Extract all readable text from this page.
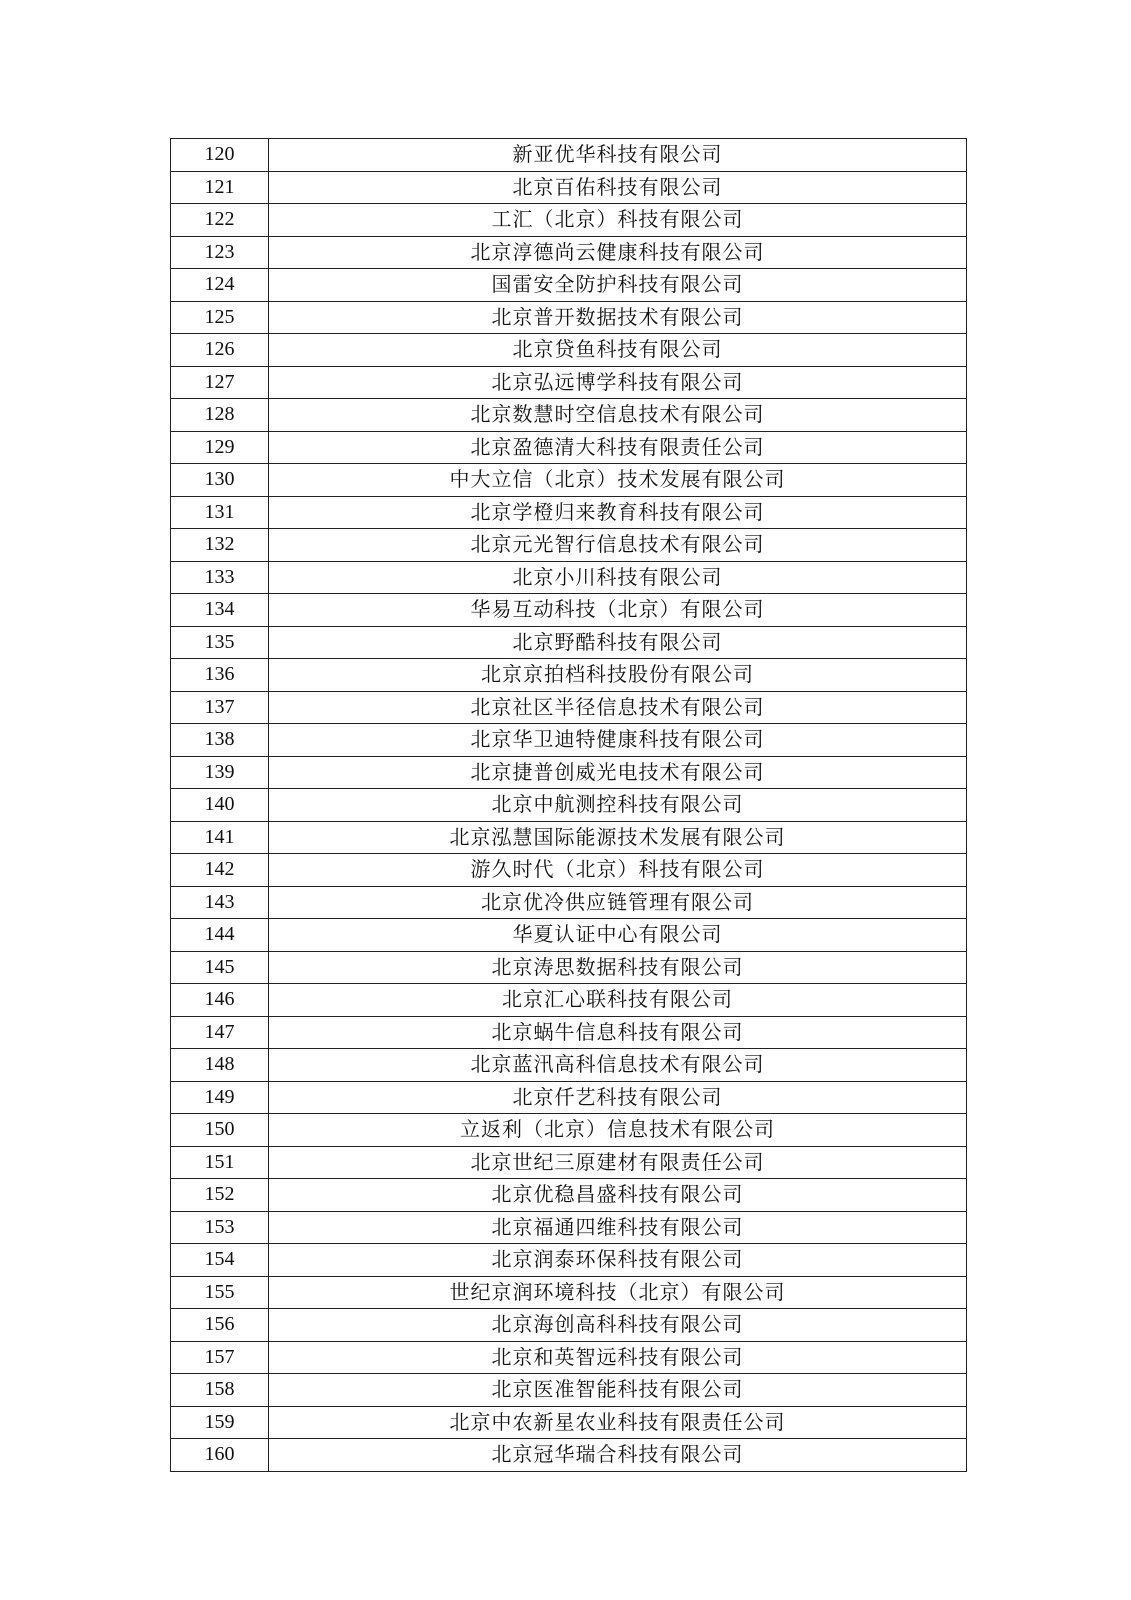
120	新亚优华科技有限公司
121	北京百佑科技有限公司
122	工汇（北京）科技有限公司
123	北京淳德尚云健康科技有限公司
124	国雷安全防护科技有限公司
125	北京普开数据技术有限公司
126	北京贷鱼科技有限公司
127	北京弘远博学科技有限公司
128	北京数慧时空信息技术有限公司
129	北京盈德清大科技有限责任公司
130	中大立信（北京）技术发展有限公司
131	北京学橙归来教育科技有限公司
132	北京元光智行信息技术有限公司
133	北京小川科技有限公司
134	华易互动科技（北京）有限公司
135	北京野酷科技有限公司
136	北京京拍档科技股份有限公司
137	北京社区半径信息技术有限公司
138	北京华卫迪特健康科技有限公司
139	北京捷普创威光电技术有限公司
140	北京中航测控科技有限公司
141	北京泓慧国际能源技术发展有限公司
142	游久时代（北京）科技有限公司
143	北京优冷供应链管理有限公司
144	华夏认证中心有限公司
145	北京涛思数据科技有限公司
146	北京汇心联科技有限公司
147	北京蜗牛信息科技有限公司
148	北京蓝汛高科信息技术有限公司
149	北京仟艺科技有限公司
150	立返利（北京）信息技术有限公司
151	北京世纪三原建材有限责任公司
152	北京优稳昌盛科技有限公司
153	北京福通四维科技有限公司
154	北京润泰环保科技有限公司
155	世纪京润环境科技（北京）有限公司
156	北京海创高科科技有限公司
157	北京和英智远科技有限公司
158	北京医准智能科技有限公司
159	北京中农新星农业科技有限责任公司
160	北京冠华瑞合科技有限公司
